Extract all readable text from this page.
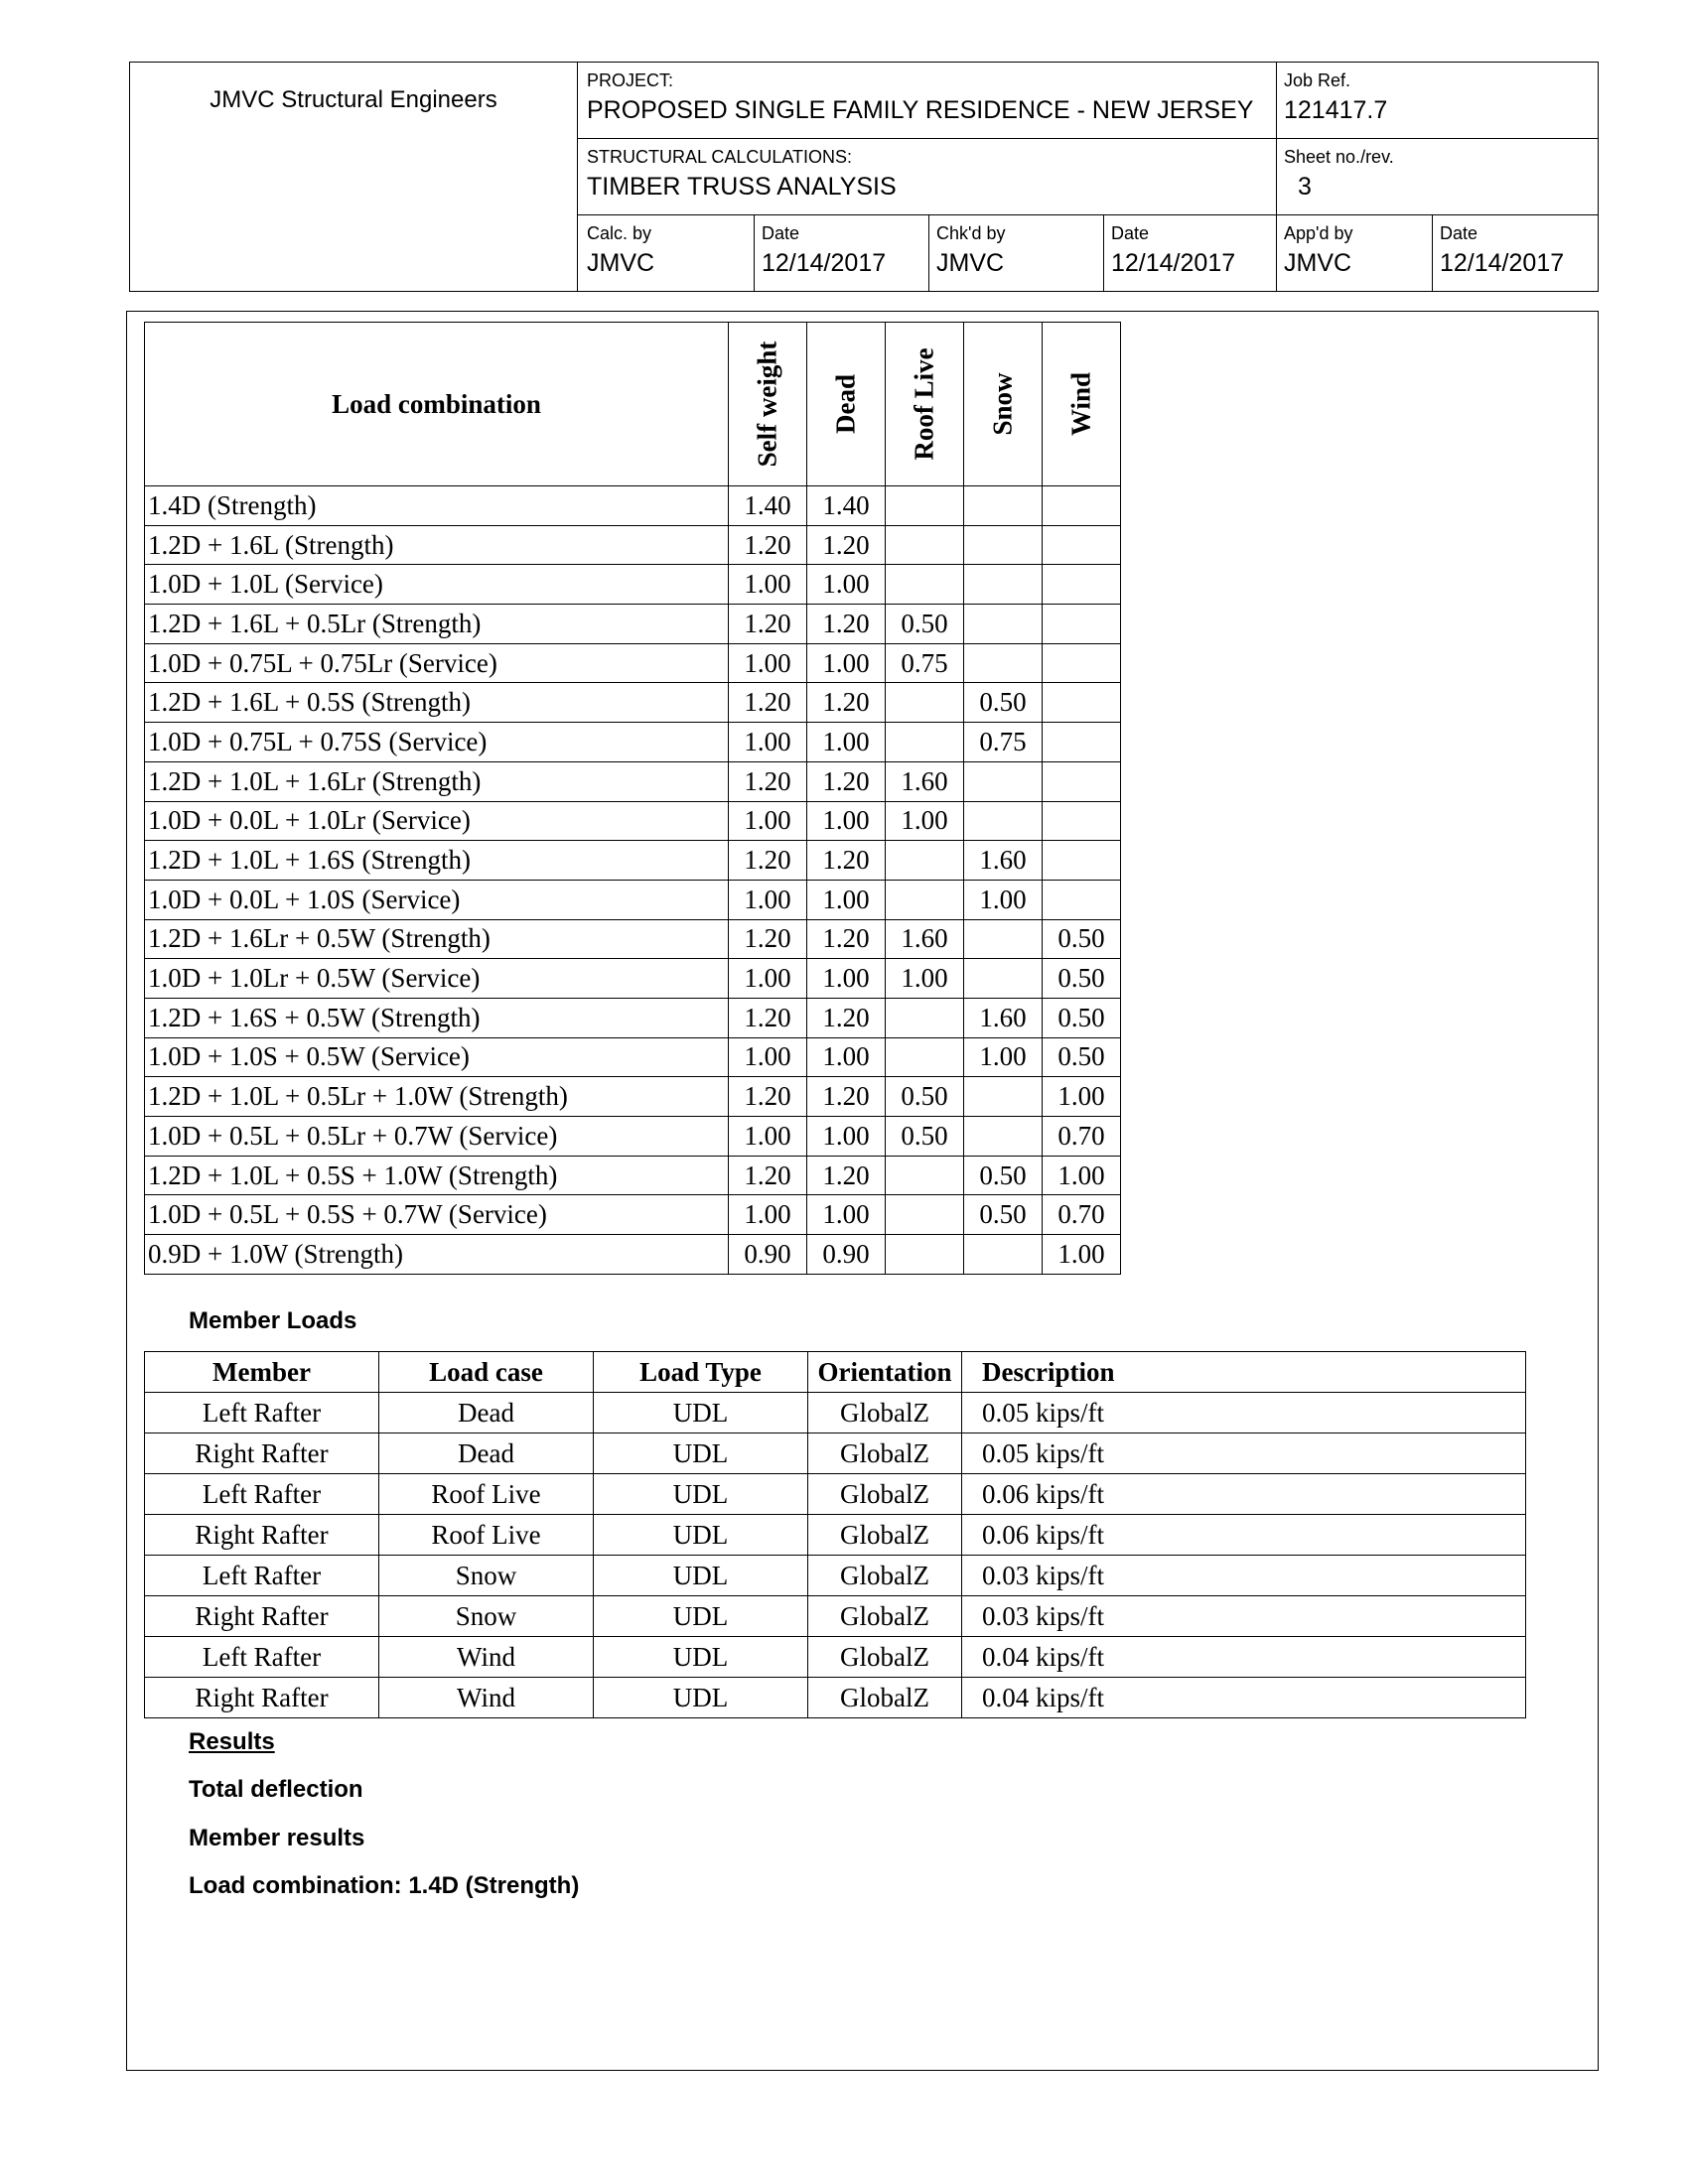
JMVC Structural Engineers
PROJECT:
PROPOSED SINGLE FAMILY RESIDENCE - NEW JERSEY
Job Ref.
121417.7
STRUCTURAL CALCULATIONS:
TIMBER TRUSS ANALYSIS
Sheet no./rev.
3
Calc. by
JMVC
Date
12/14/2017
Chk'd by
JMVC
Date
12/14/2017
App'd by
JMVC
Date
12/14/2017
Load combination	Self weight	Dead	Roof Live	Snow	Wind

1.4D (Strength)	1.40	1.40			
1.2D + 1.6L (Strength)	1.20	1.20			
1.0D + 1.0L (Service)	1.00	1.00			
1.2D + 1.6L + 0.5Lr (Strength)	1.20	1.20	0.50		
1.0D + 0.75L + 0.75Lr (Service)	1.00	1.00	0.75		
1.2D + 1.6L + 0.5S (Strength)	1.20	1.20		0.50	
1.0D + 0.75L + 0.75S (Service)	1.00	1.00		0.75	
1.2D + 1.0L + 1.6Lr (Strength)	1.20	1.20	1.60		
1.0D + 0.0L + 1.0Lr (Service)	1.00	1.00	1.00		
1.2D + 1.0L + 1.6S (Strength)	1.20	1.20		1.60	
1.0D + 0.0L + 1.0S (Service)	1.00	1.00		1.00	
1.2D + 1.6Lr + 0.5W (Strength)	1.20	1.20	1.60		0.50
1.0D + 1.0Lr + 0.5W (Service)	1.00	1.00	1.00		0.50
1.2D + 1.6S + 0.5W (Strength)	1.20	1.20		1.60	0.50
1.0D + 1.0S + 0.5W (Service)	1.00	1.00		1.00	0.50
1.2D + 1.0L + 0.5Lr + 1.0W (Strength)	1.20	1.20	0.50		1.00
1.0D + 0.5L + 0.5Lr + 0.7W (Service)	1.00	1.00	0.50		0.70
1.2D + 1.0L + 0.5S + 1.0W (Strength)	1.20	1.20		0.50	1.00
1.0D + 0.5L + 0.5S + 0.7W (Service)	1.00	1.00		0.50	0.70
0.9D + 1.0W (Strength)	0.90	0.90			1.00
Member Loads
Member	Load case	Load Type	Orientation	Description
Left Rafter	Dead	UDL	GlobalZ	0.05 kips/ft
Right Rafter	Dead	UDL	GlobalZ	0.05 kips/ft
Left Rafter	Roof Live	UDL	GlobalZ	0.06 kips/ft
Right Rafter	Roof Live	UDL	GlobalZ	0.06 kips/ft
Left Rafter	Snow	UDL	GlobalZ	0.03 kips/ft
Right Rafter	Snow	UDL	GlobalZ	0.03 kips/ft
Left Rafter	Wind	UDL	GlobalZ	0.04 kips/ft
Right Rafter	Wind	UDL	GlobalZ	0.04 kips/ft
Results
Total deflection
Member results
Load combination: 1.4D (Strength)
